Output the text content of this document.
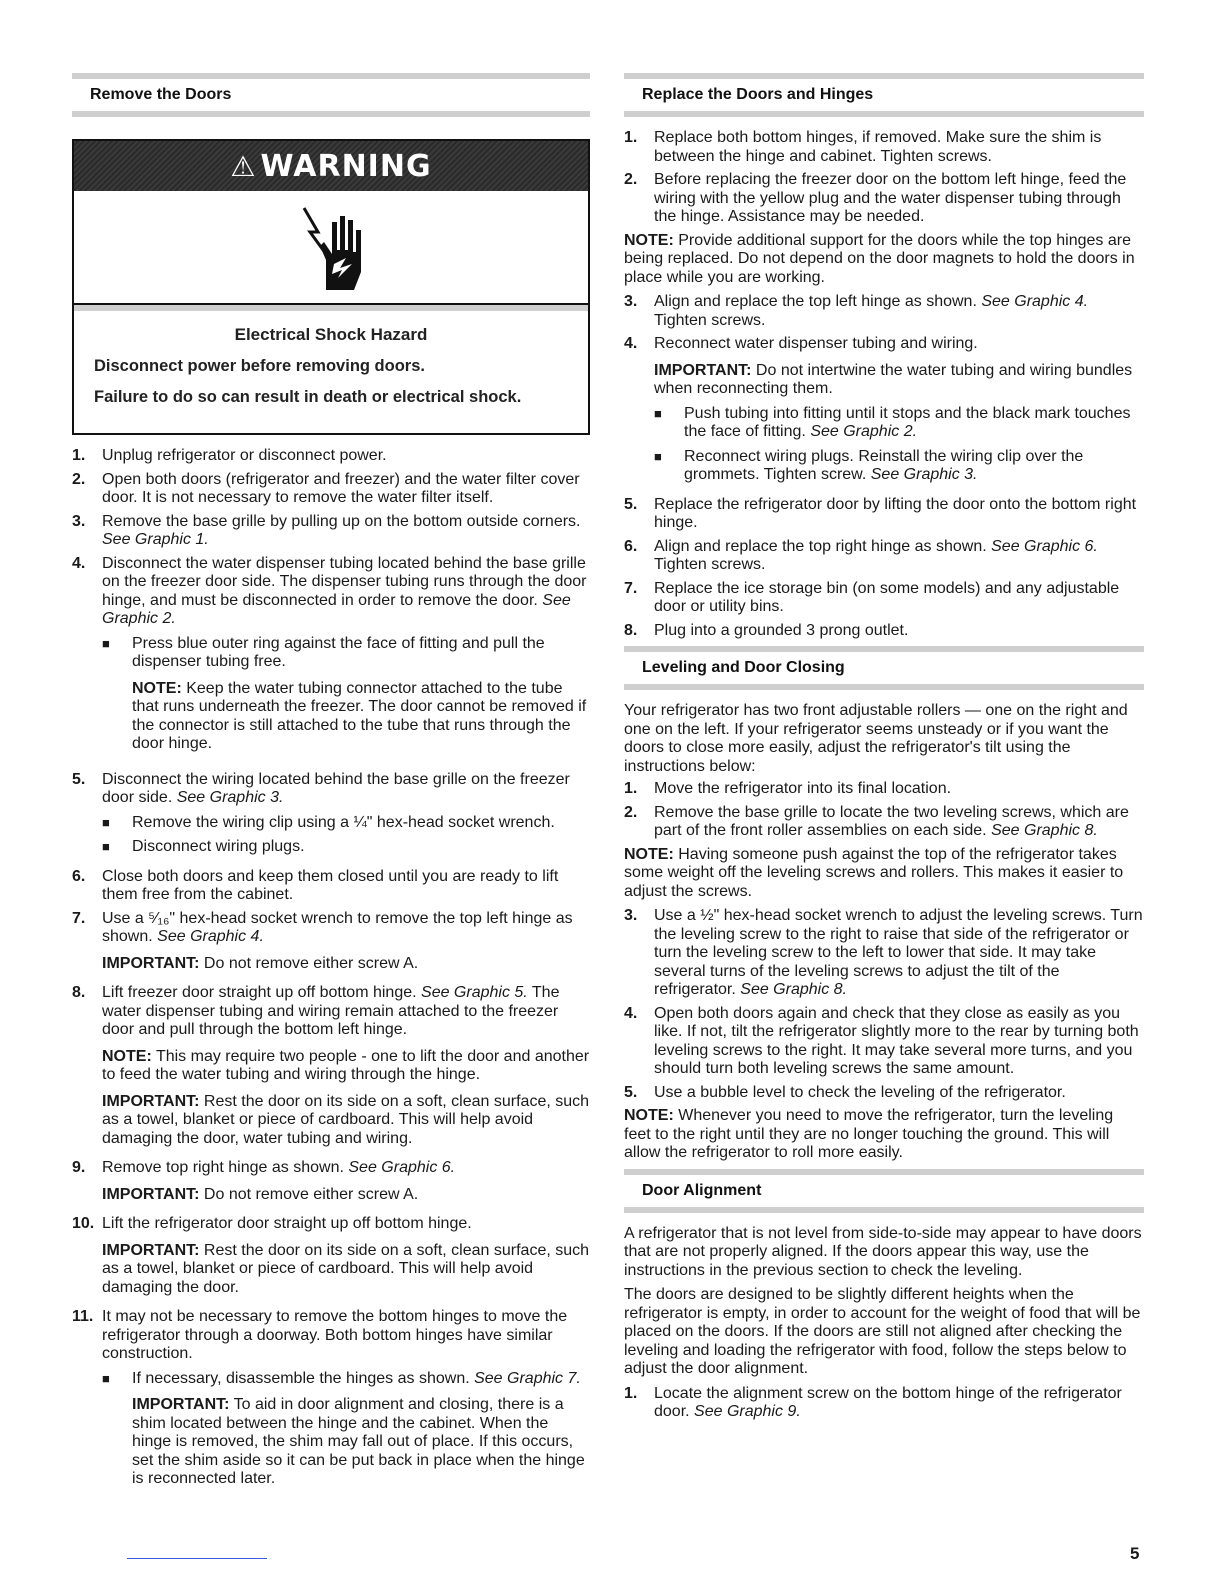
Remove the Doors
⚠ WARNING
Electrical Shock Hazard
Disconnect power before removing doors.
Failure to do so can result in death or electrical shock.
1.	Unplug refrigerator or disconnect power.
2.	Open both doors (refrigerator and freezer) and the water filter cover door. It is not necessary to remove the water filter itself.
3.	Remove the base grille by pulling up on the bottom outside corners. See Graphic 1.
4.	Disconnect the water dispenser tubing located behind the base grille on the freezer door side. The dispenser tubing runs through the door hinge, and must be disconnected in order to remove the door. See Graphic 2.
■	Press blue outer ring against the face of fitting and pull the dispenser tubing free.
NOTE: Keep the water tubing connector attached to the tube that runs underneath the freezer. The door cannot be removed if the connector is still attached to the tube that runs through the door hinge.
5.	Disconnect the wiring located behind the base grille on the freezer door side. See Graphic 3.
■	Remove the wiring clip using a ¼" hex-head socket wrench.
■	Disconnect wiring plugs.
6.	Close both doors and keep them closed until you are ready to lift them free from the cabinet.
7.	Use a ⁵⁄₁₆" hex-head socket wrench to remove the top left hinge as shown. See Graphic 4.
IMPORTANT: Do not remove either screw A.
8.	Lift freezer door straight up off bottom hinge. See Graphic 5. The water dispenser tubing and wiring remain attached to the freezer door and pull through the bottom left hinge.
NOTE: This may require two people - one to lift the door and another to feed the water tubing and wiring through the hinge.
IMPORTANT: Rest the door on its side on a soft, clean surface, such as a towel, blanket or piece of cardboard. This will help avoid damaging the door, water tubing and wiring.
9.	Remove top right hinge as shown. See Graphic 6.
IMPORTANT: Do not remove either screw A.
10. Lift the refrigerator door straight up off bottom hinge.
IMPORTANT: Rest the door on its side on a soft, clean surface, such as a towel, blanket or piece of cardboard. This will help avoid damaging the door.
11. It may not be necessary to remove the bottom hinges to move the refrigerator through a doorway. Both bottom hinges have similar construction.
■	If necessary, disassemble the hinges as shown. See Graphic 7.
IMPORTANT: To aid in door alignment and closing, there is a shim located between the hinge and the cabinet. When the hinge is removed, the shim may fall out of place. If this occurs, set the shim aside so it can be put back in place when the hinge is reconnected later.
Replace the Doors and Hinges
1.	Replace both bottom hinges, if removed. Make sure the shim is between the hinge and cabinet. Tighten screws.
2.	Before replacing the freezer door on the bottom left hinge, feed the wiring with the yellow plug and the water dispenser tubing through the hinge. Assistance may be needed.
NOTE: Provide additional support for the doors while the top hinges are being replaced. Do not depend on the door magnets to hold the doors in place while you are working.
3.	Align and replace the top left hinge as shown. See Graphic 4. Tighten screws.
4.	Reconnect water dispenser tubing and wiring.
IMPORTANT: Do not intertwine the water tubing and wiring bundles when reconnecting them.
■	Push tubing into fitting until it stops and the black mark touches the face of fitting. See Graphic 2.
■	Reconnect wiring plugs. Reinstall the wiring clip over the grommets. Tighten screw. See Graphic 3.
5.	Replace the refrigerator door by lifting the door onto the bottom right hinge.
6.	Align and replace the top right hinge as shown. See Graphic 6. Tighten screws.
7.	Replace the ice storage bin (on some models) and any adjustable door or utility bins.
8.	Plug into a grounded 3 prong outlet.
Leveling and Door Closing
Your refrigerator has two front adjustable rollers — one on the right and one on the left. If your refrigerator seems unsteady or if you want the doors to close more easily, adjust the refrigerator's tilt using the instructions below:
1.	Move the refrigerator into its final location.
2.	Remove the base grille to locate the two leveling screws, which are part of the front roller assemblies on each side. See Graphic 8.
NOTE: Having someone push against the top of the refrigerator takes some weight off the leveling screws and rollers. This makes it easier to adjust the screws.
3.	Use a ½" hex-head socket wrench to adjust the leveling screws. Turn the leveling screw to the right to raise that side of the refrigerator or turn the leveling screw to the left to lower that side. It may take several turns of the leveling screws to adjust the tilt of the refrigerator. See Graphic 8.
4.	Open both doors again and check that they close as easily as you like. If not, tilt the refrigerator slightly more to the rear by turning both leveling screws to the right. It may take several more turns, and you should turn both leveling screws the same amount.
5.	Use a bubble level to check the leveling of the refrigerator.
NOTE: Whenever you need to move the refrigerator, turn the leveling feet to the right until they are no longer touching the ground. This will allow the refrigerator to roll more easily.
Door Alignment
A refrigerator that is not level from side-to-side may appear to have doors that are not properly aligned. If the doors appear this way, use the instructions in the previous section to check the leveling.
The doors are designed to be slightly different heights when the refrigerator is empty, in order to account for the weight of food that will be placed on the doors. If the doors are still not aligned after checking the leveling and loading the refrigerator with food, follow the steps below to adjust the door alignment.
1.	Locate the alignment screw on the bottom hinge of the refrigerator door. See Graphic 9.
5
